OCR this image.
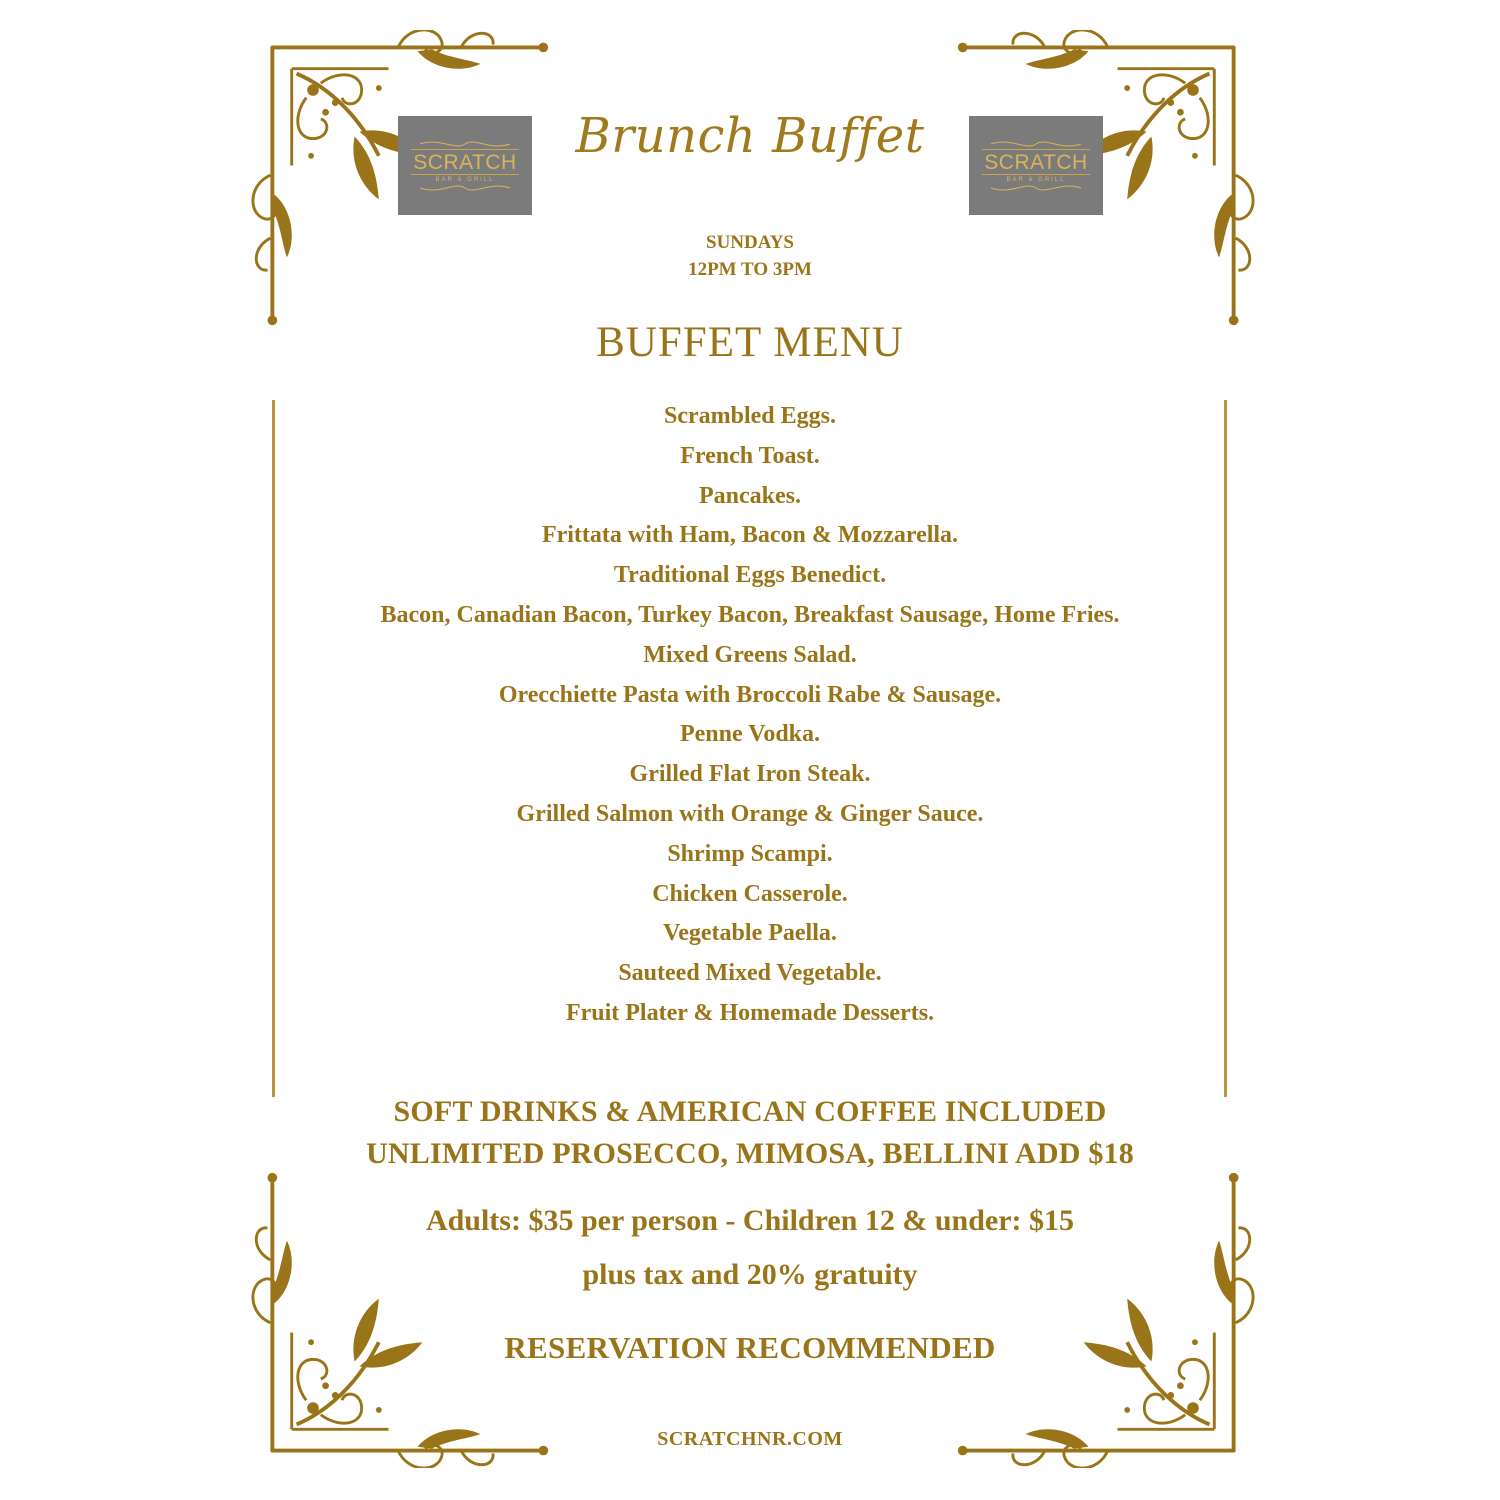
SCRATCH
BAR & GRILL
SCRATCH
BAR & GRILL
Brunch Buffet
SUNDAYS
12PM TO 3PM
BUFFET MENU
Scrambled Eggs.
French Toast.
Pancakes.
Frittata with Ham, Bacon & Mozzarella.
Traditional Eggs Benedict.
Bacon, Canadian Bacon, Turkey Bacon, Breakfast Sausage, Home Fries.
Mixed Greens Salad.
Orecchiette Pasta with Broccoli Rabe & Sausage.
Penne Vodka.
Grilled Flat Iron Steak.
Grilled Salmon with Orange & Ginger Sauce.
Shrimp Scampi.
Chicken Casserole.
Vegetable Paella.
Sauteed Mixed Vegetable.
Fruit Plater & Homemade Desserts.
SOFT DRINKS & AMERICAN COFFEE INCLUDED
UNLIMITED PROSECCO, MIMOSA, BELLINI ADD $18
Adults: $35 per person - Children 12 & under: $15
plus tax and 20% gratuity
RESERVATION RECOMMENDED
SCRATCHNR.COM
